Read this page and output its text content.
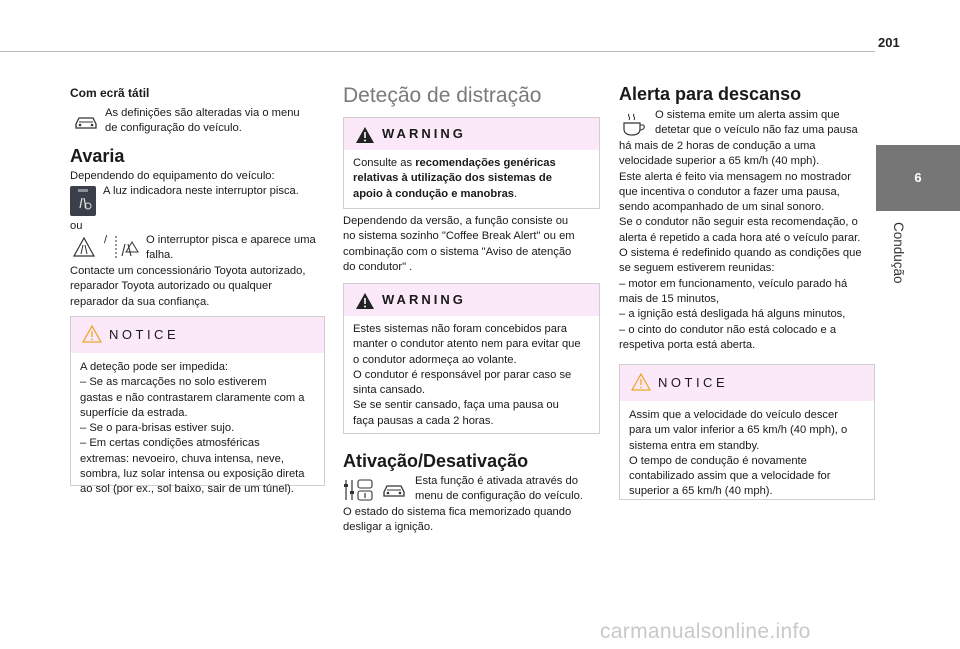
201
6
Condução
Com ecrã tátil
As definições são alteradas via o menu
de configuração do veículo.
Avaria
Dependendo do equipamento do veículo:
A luz indicadora neste interruptor pisca.
ou
/	O interruptor pisca e aparece uma
falha.
Contacte um concessionário Toyota autorizado,
reparador Toyota autorizado ou qualquer
reparador da sua confiança.
NOTICE
A deteção pode ser impedida:
– Se as marcações no solo estiverem
gastas e não contrastarem claramente com a
superfície da estrada.
– Se o para-brisas estiver sujo.
– Em certas condições atmosféricas
extremas: nevoeiro, chuva intensa, neve,
sombra, luz solar intensa ou exposição direta
ao sol (por ex., sol baixo, sair de um túnel).
Deteção de distração
WARNING
Consulte as recomendações genéricas
relativas à utilização dos sistemas de
apoio à condução e manobras.
Dependendo da versão, a função consiste ou
no sistema sozinho "Coffee Break Alert" ou em
combinação com o sistema "Aviso de atenção
do condutor" .
WARNING
Estes sistemas não foram concebidos para
manter o condutor atento nem para evitar que
o condutor adormeça ao volante.
O condutor é responsável por parar caso se
sinta cansado.
Se se sentir cansado, faça uma pausa ou
faça pausas a cada 2 horas.
Ativação/Desativação
Esta função é ativada através do
menu de configuração do veículo.
O estado do sistema fica memorizado quando
desligar a ignição.
Alerta para descanso
O sistema emite um alerta assim que
detetar que o veículo não faz uma pausa
há mais de 2 horas de condução a uma
velocidade superior a 65 km/h (40 mph).
Este alerta é feito via mensagem no mostrador
que incentiva o condutor a fazer uma pausa,
sendo acompanhado de um sinal sonoro.
Se o condutor não seguir esta recomendação, o
alerta é repetido a cada hora até o veículo parar.
O sistema é redefinido quando as condições que
se seguem estiverem reunidas:
– motor em funcionamento, veículo parado há
mais de 15 minutos,
– a ignição está desligada há alguns minutos,
– o cinto do condutor não está colocado e a
respetiva porta está aberta.
NOTICE
Assim que a velocidade do veículo descer
para um valor inferior a 65 km/h (40 mph), o
sistema entra em standby.
O tempo de condução é novamente
contabilizado assim que a velocidade for
superior a 65 km/h (40 mph).
carmanualsonline.info
